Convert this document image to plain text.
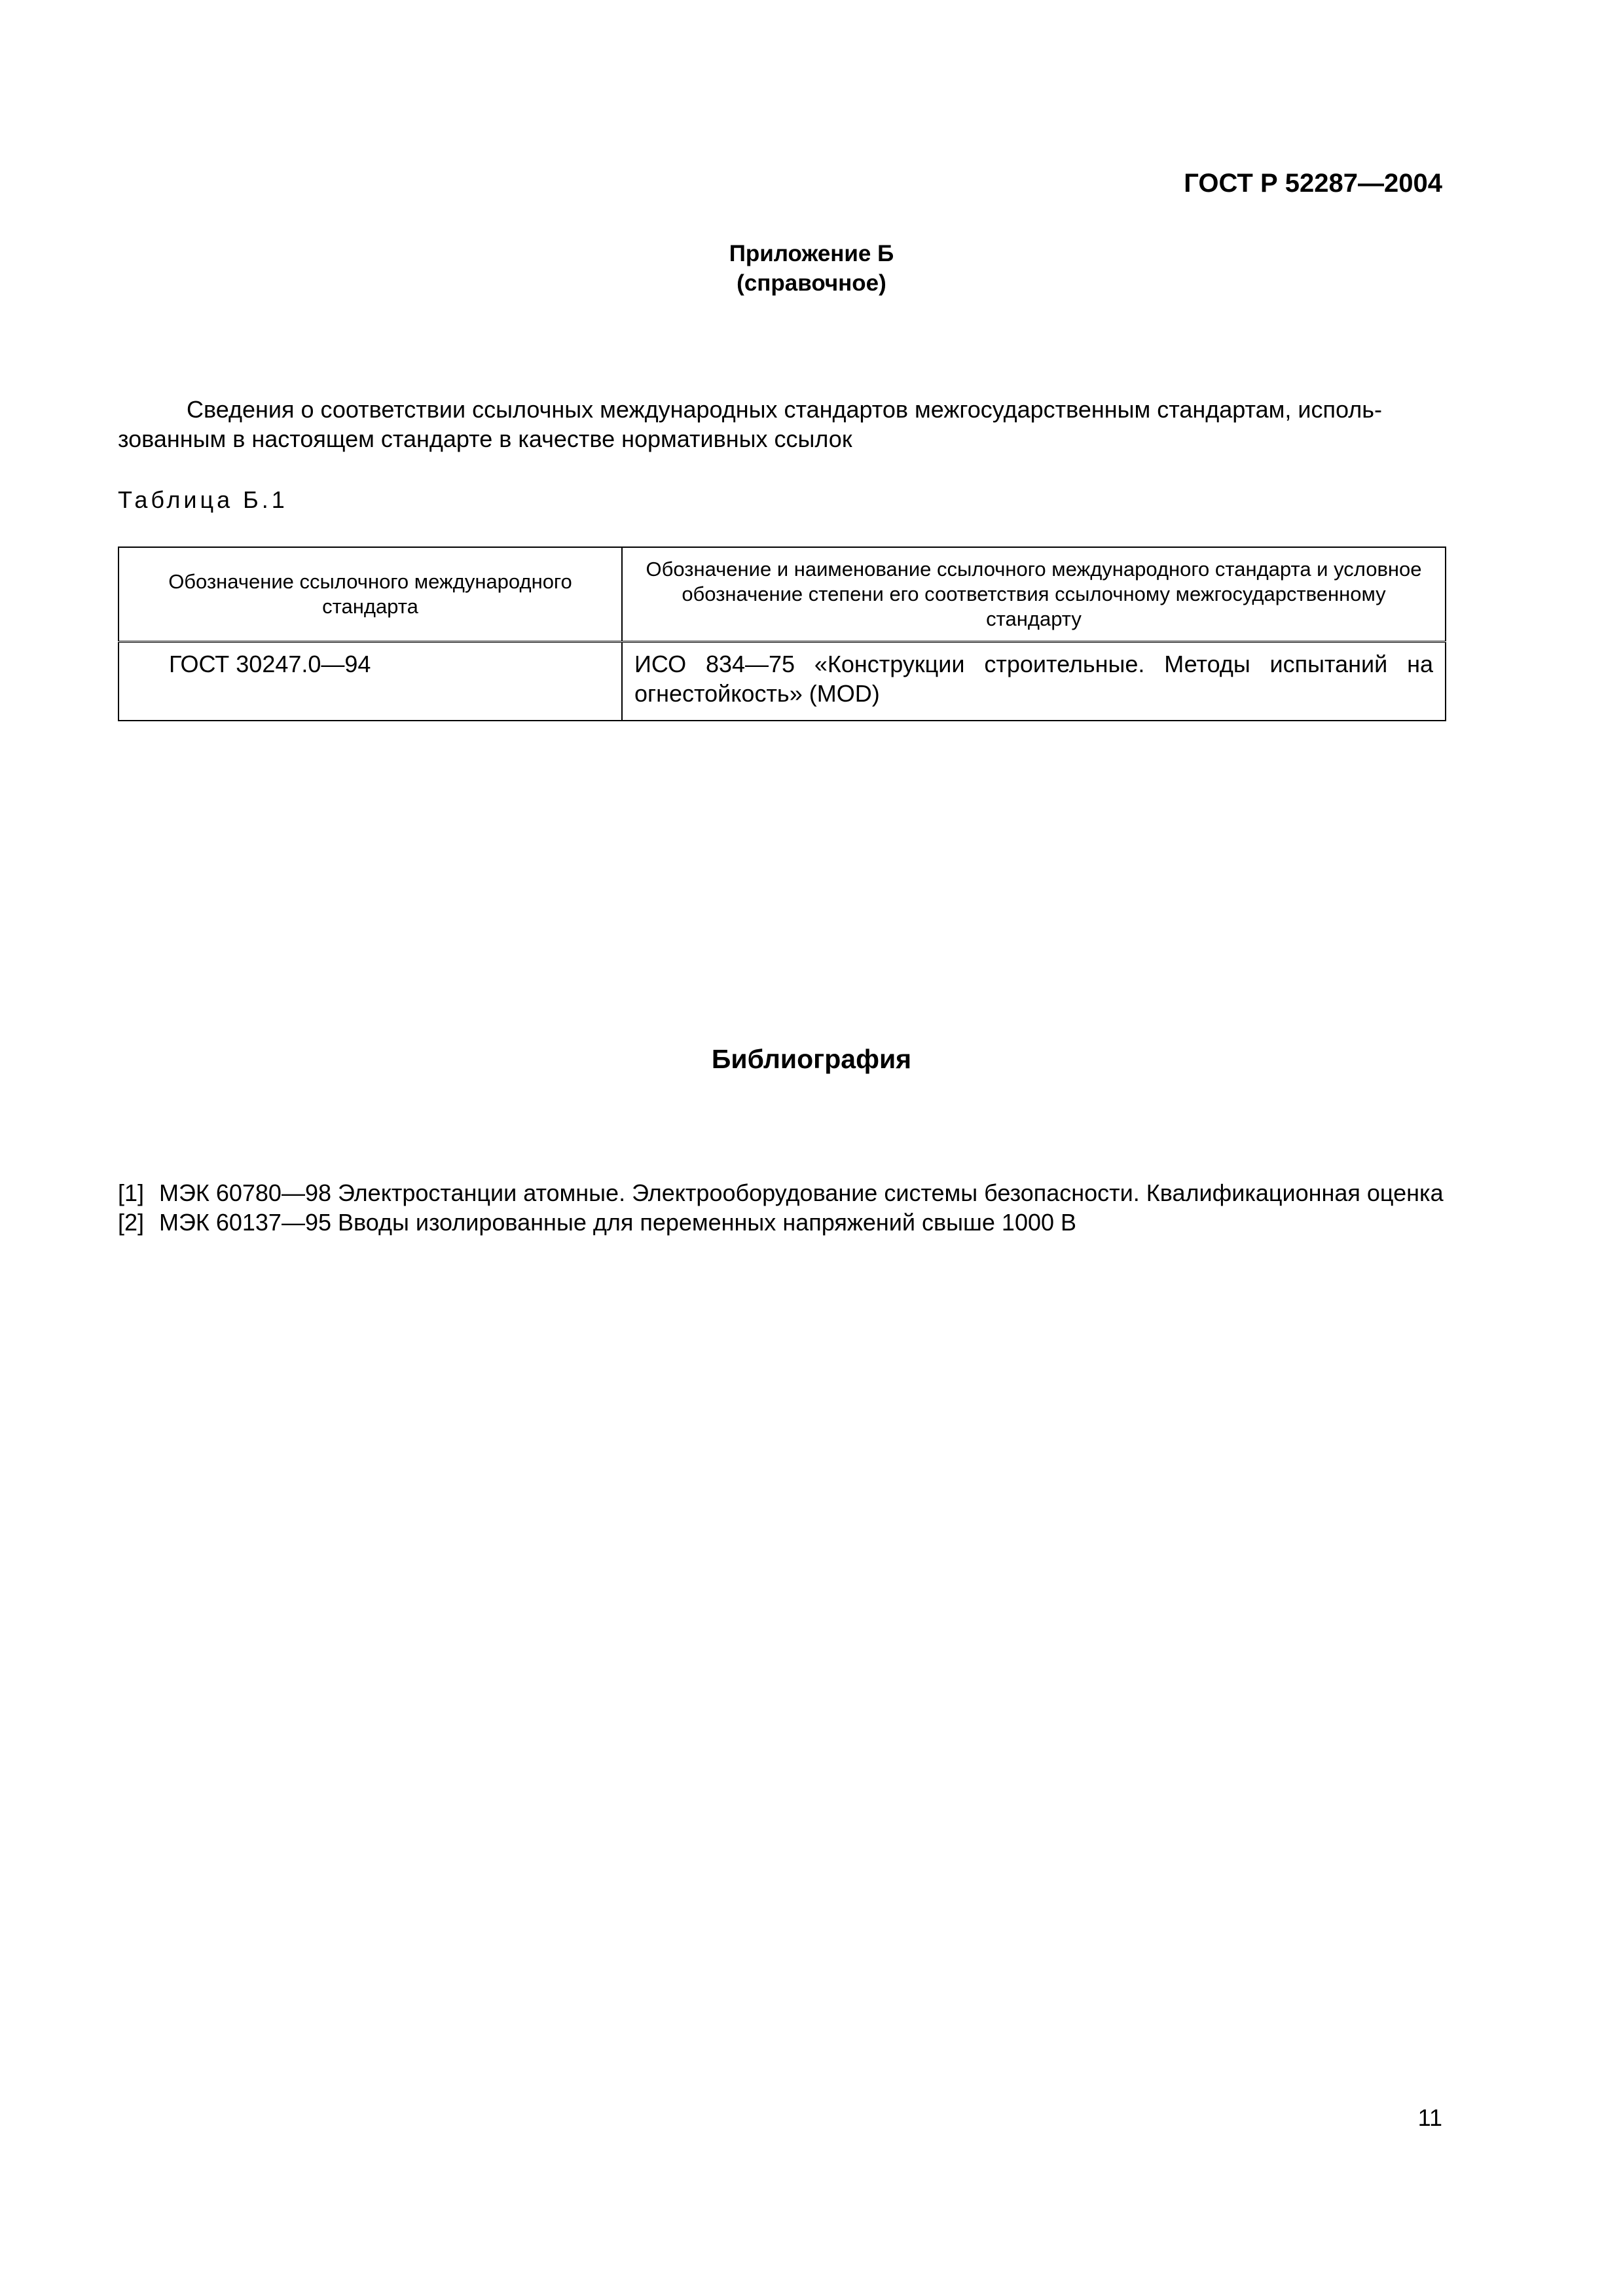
ГОСТ Р 52287—2004
Приложение Б
(справочное)

Сведения о соответствии ссылочных международных стандартов межгосударственным стандартам, использованным в настоящем стандарте в качестве нормативных ссылок

Таблица Б.1
Обозначение ссылочного международного стандарта	Обозначение и наименование ссылочного международного стандарта и условное обозначение степени его соответствия ссылочному межгосударственному стандарту
ГОСТ 30247.0—94	ИСО 834—75 «Конструкции строительные. Методы испытаний на огнестойкость» (MOD)
Библиография
[1] МЭК 60780—98 Электростанции атомные. Электрооборудование системы безопасности. Квалификационная оценка
[2] МЭК 60137—95 Вводы изолированные для переменных напряжений свыше 1000 В
11
